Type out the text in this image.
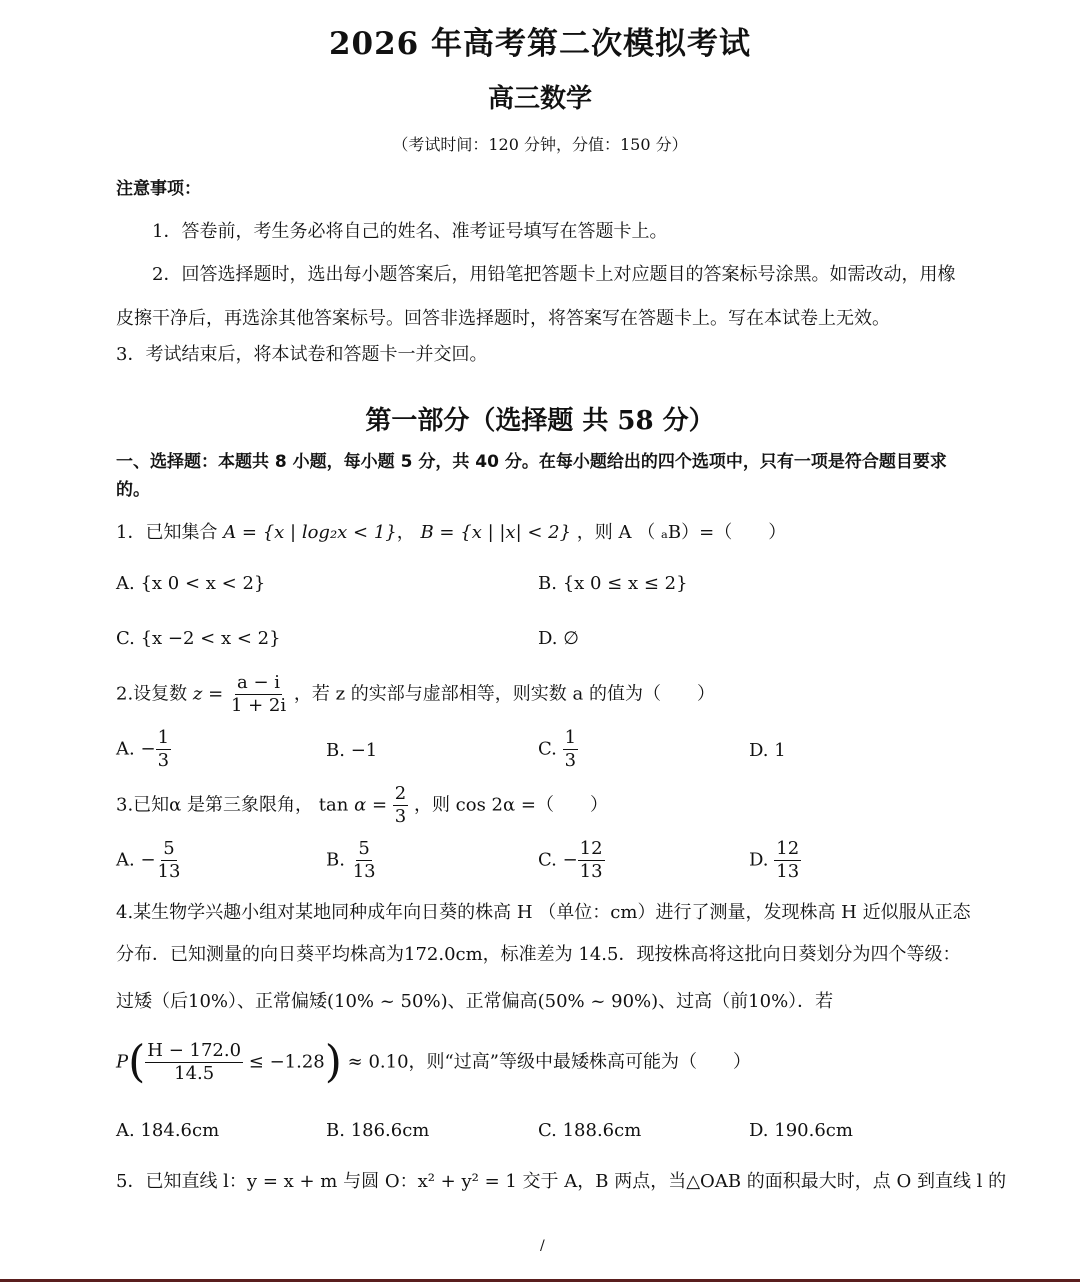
2026 年高考第二次模拟考试
高三数学
（考试时间：120 分钟，分值：150 分）
注意事项：
1．答卷前，考生务必将自己的姓名、准考证号填写在答题卡上。
2．回答选择题时，选出每小题答案后，用铅笔把答题卡上对应题目的答案标号涂黑。如需改动，用橡
皮擦干净后，再选涂其他答案标号。回答非选择题时，将答案写在答题卡上。写在本试卷上无效。
3．考试结束后，将本试卷和答题卡一并交回。
第一部分（选择题 共 58 分）
一、选择题：本题共 8 小题，每小题 5 分，共 40 分。在每小题给出的四个选项中，只有一项是符合题目要求的。
1．已知集合 A = {x | log₂x < 1}， B = {x | |x| < 2} ，则 A （ ₐB）=（　　）
A. {x 0 < x < 2}	B. {x 0 ≤ x ≤ 2}
C. {x −2 < x < 2}	D. ∅
2.设复数 $z = \frac{a - i}{1 + 2i}$ ，若 z 的实部与虚部相等，则实数 a 的值为（　　）
A. − $\frac{1}{3}$	B. −1	C. $\frac{1}{3}$	D. 1
3.已知α 是第三象限角， $\tan \alpha = \frac{2}{3}$ ，则 cos 2α =（　　）
A. − $\frac{5}{13}$	B. $\frac{5}{13}$	C. − $\frac{12}{13}$	D. $\frac{12}{13}$
4.某生物学兴趣小组对某地同种成年向日葵的株高 H （单位：cm）进行了测量，发现株高 H 近似服从正态
分布．已知测量的向日葵平均株高为172.0cm，标准差为 14.5．现按株高将这批向日葵划分为四个等级：
过矮（后10%）、正常偏矮(10% ~ 50%)、正常偏高(50% ~ 90%)、过高（前10%）．若
$P( \frac{H - 172.0}{14.5} \le -1.28) \approx 0.10$，则“过高”等级中最矮株高可能为（　　）
A. 184.6cm	B. 186.6cm	C. 188.6cm	D. 190.6cm
5．已知直线 l：y = x + m 与圆 O：x² + y² = 1 交于 A，B 两点，当△OAB 的面积最大时，点 O 到直线 l 的
/
